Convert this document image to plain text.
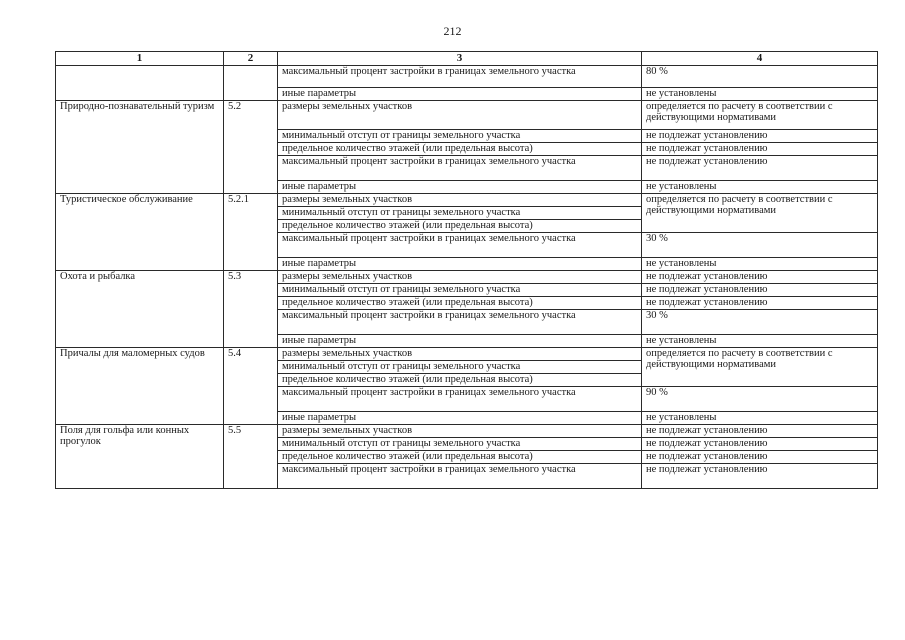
212
1	2	3	4
		максимальный процент застройки в границах земельного участка	80 %
		иные параметры	не установлены
Природно-познавательный туризм	5.2	размеры земельных участков	определяется по расчету в соответствии с действующими нормативами
		минимальный отступ от границы земельного участка	не подлежат установлению
		предельное количество этажей (или предельная высота)	не подлежат установлению
		максимальный процент застройки в границах земельного участка	не подлежат установлению
		иные параметры	не установлены
Туристическое обслуживание	5.2.1	размеры земельных участков	определяется по расчету в соответствии с действующими нормативами
		минимальный отступ от границы земельного участка	
		предельное количество этажей (или предельная высота)	
		максимальный процент застройки в границах земельного участка	30 %
		иные параметры	не установлены
Охота и рыбалка	5.3	размеры земельных участков	не подлежат установлению
		минимальный отступ от границы земельного участка	не подлежат установлению
		предельное количество этажей (или предельная высота)	не подлежат установлению
		максимальный процент застройки в границах земельного участка	30 %
		иные параметры	не установлены
Причалы для маломерных судов	5.4	размеры земельных участков	определяется по расчету в соответствии с действующими нормативами
		минимальный отступ от границы земельного участка	
		предельное количество этажей (или предельная высота)	
		максимальный процент застройки в границах земельного участка	90 %
		иные параметры	не установлены
Поля для гольфа или конных прогулок	5.5	размеры земельных участков	не подлежат установлению
		минимальный отступ от границы земельного участка	не подлежат установлению
		предельное количество этажей (или предельная высота)	не подлежат установлению
		максимальный процент застройки в границах земельного участка	не подлежат установлению
